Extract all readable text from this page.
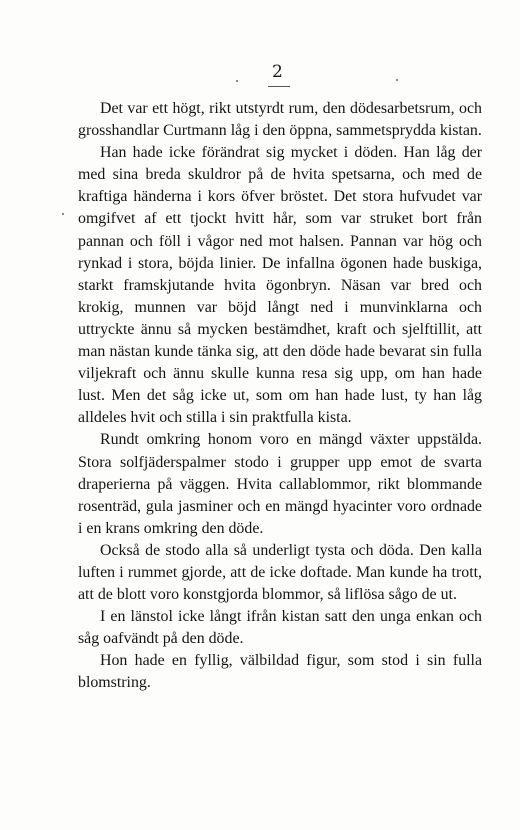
2

Det var ett högt, rikt utstyrdt rum, den dödesarbetsrum, och grosshandlar Curtmann låg i den öppna, sammetsprydda kistan.

Han hade icke förändrat sig mycket i döden. Han låg der med sina breda skuldror på de hvita spetsarna, och med de kraftiga händerna i kors öfver bröstet. Det stora hufvudet var omgifvet af ett tjockt hvitt hår, som var struket bort från pannan och föll i vågor ned mot halsen. Pannan var hög och rynkad i stora, böjda linier. De infallna ögonen hade buskiga, starkt framskjutande hvita ögonbryn. Näsan var bred och krokig, munnen var böjd långt ned i munvinklarna och uttryckte ännu så mycken bestämdhet, kraft och sjelftillit, att man nästan kunde tänka sig, att den döde hade bevarat sin fulla viljekraft och ännu skulle kunna resa sig upp, om han hade lust. Men det såg icke ut, som om han hade lust, ty han låg alldeles hvit och stilla i sin praktfulla kista.

Rundt omkring honom voro en mängd växter uppstälda. Stora solfjäderspalmer stodo i grupper upp emot de svarta draperierna på väggen. Hvita callablommor, rikt blommande rosenträd, gula jasminer och en mängd hyacinter voro ordnade i en krans omkring den döde.

Också de stodo alla så underligt tysta och döda. Den kalla luften i rummet gjorde, att de icke doftade. Man kunde ha trott, att de blott voro konstgjorda blommor, så liflösa sågo de ut.

I en länstol icke långt ifrån kistan satt den unga enkan och såg oafvändt på den döde.

Hon hade en fyllig, välbildad figur, som stod i sin fulla blomstring.
